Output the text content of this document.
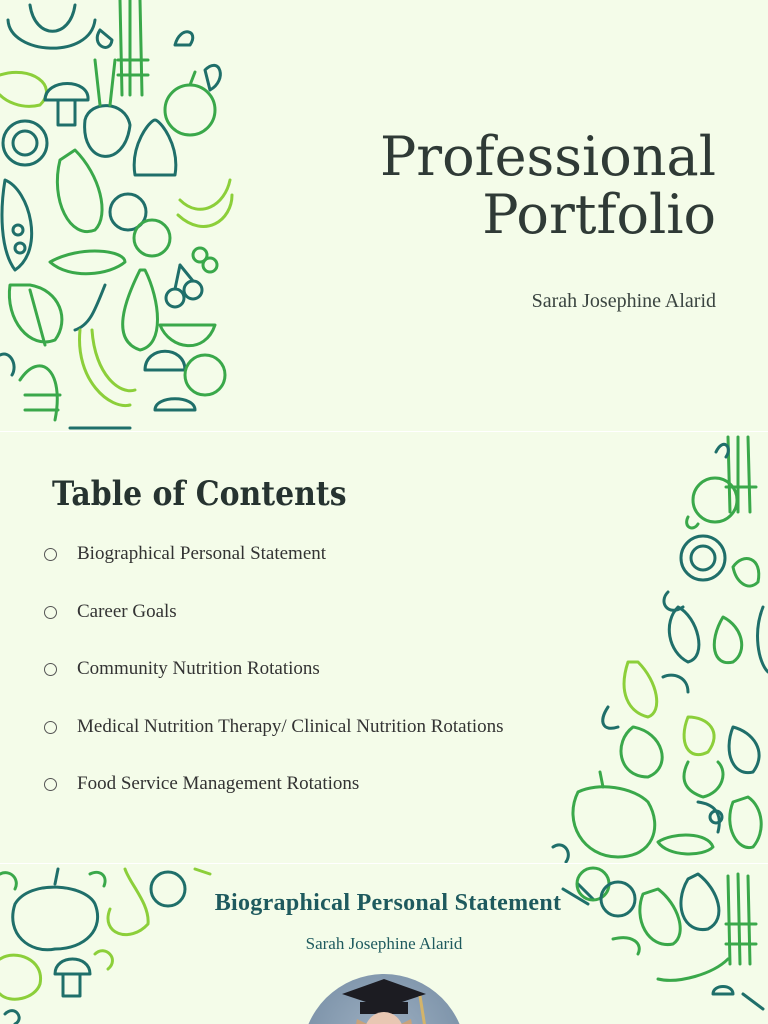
Professional
Portfolio
Sarah Josephine Alarid
Table of Contents
Biographical Personal Statement
Career Goals
Community Nutrition Rotations
Medical Nutrition Therapy/ Clinical Nutrition Rotations
Food Service Management Rotations
Biographical Personal Statement
Sarah Josephine Alarid
